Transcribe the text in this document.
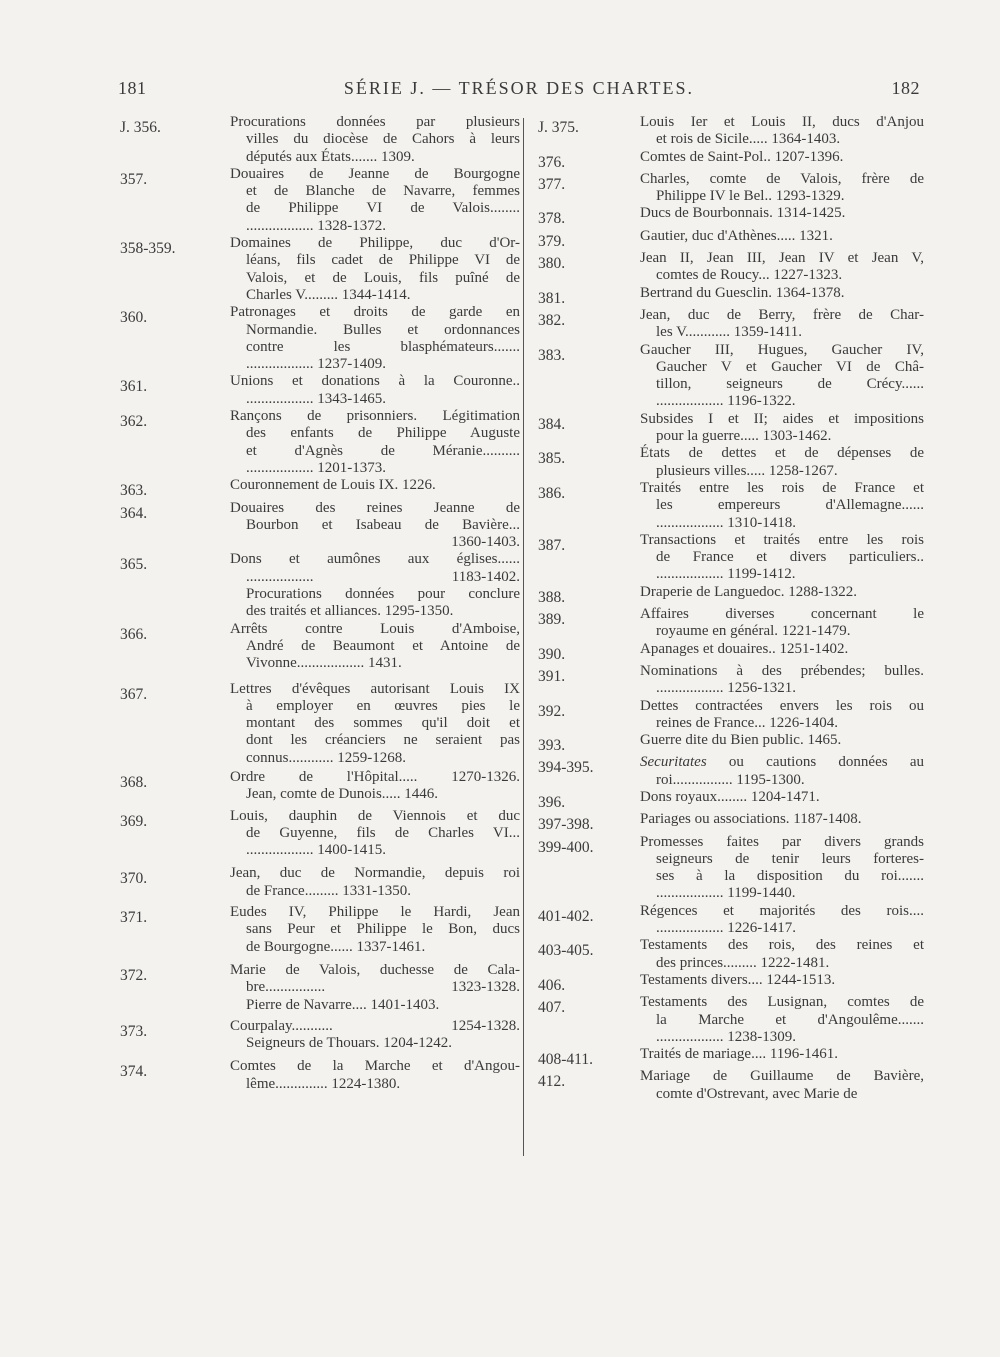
181	SÉRIE J. — TRÉSOR DES CHARTES.	182
J. 356.	Procurations données par plusieurs
villes du diocèse de Cahors à leurs
députés aux États....... 1309.
357.	Douaires de Jeanne de Bourgogne
et de Blanche de Navarre, femmes
de Philippe VI de Valois........
.................. 1328-1372.
358-359.	Domaines de Philippe, duc d'Or-
léans, fils cadet de Philippe VI de
Valois, et de Louis, fils puîné de
Charles V......... 1344-1414.
360.	Patronages et droits de garde en
Normandie. Bulles et ordonnances
contre les blasphémateurs.......
.................. 1237-1409.
361.	Unions et donations à la Couronne..
.................. 1343-1465.
362.	Rançons de prisonniers. Légitimation
des enfants de Philippe Auguste
et d'Agnès de Méranie..........
.................. 1201-1373.
363.	Couronnement de Louis IX. 1226.
364.	Douaires des reines Jeanne de
Bourbon et Isabeau de Bavière...
1360-1403.
365.	Dons et aumônes aux églises......
.................. 1183-1402.
Procurations données pour conclure
des traités et alliances. 1295-1350.
366.	Arrêts contre Louis d'Amboise,
André de Beaumont et Antoine de
Vivonne.................. 1431.
367.	Lettres d'évêques autorisant Louis IX
à employer en œuvres pies le
montant des sommes qu'il doit et
dont les créanciers ne seraient pas
connus............ 1259-1268.
368.	Ordre de l'Hôpital..... 1270-1326.
Jean, comte de Dunois..... 1446.
369.	Louis, dauphin de Viennois et duc
de Guyenne, fils de Charles VI...
.................. 1400-1415.
370.	Jean, duc de Normandie, depuis roi
de France......... 1331-1350.
371.	Eudes IV, Philippe le Hardi, Jean
sans Peur et Philippe le Bon, ducs
de Bourgogne...... 1337-1461.
372.	Marie de Valois, duchesse de Cala-
bre................ 1323-1328.
Pierre de Navarre.... 1401-1403.
373.	Courpalay........... 1254-1328.
Seigneurs de Thouars. 1204-1242.
374.	Comtes de la Marche et d'Angou-
lême.............. 1224-1380.
J. 375.	Louis Ier et Louis II, ducs d'Anjou
et rois de Sicile..... 1364-1403.
376.	Comtes de Saint-Pol.. 1207-1396.
377.	Charles, comte de Valois, frère de
Philippe IV le Bel.. 1293-1329.
378.	Ducs de Bourbonnais. 1314-1425.
379.	Gautier, duc d'Athènes..... 1321.
380.	Jean II, Jean III, Jean IV et Jean V,
comtes de Roucy... 1227-1323.
381.	Bertrand du Guesclin. 1364-1378.
382.	Jean, duc de Berry, frère de Char-
les V............ 1359-1411.
383.	Gaucher III, Hugues, Gaucher IV,
Gaucher V et Gaucher VI de Châ-
tillon, seigneurs de Crécy......
.................. 1196-1322.
384.	Subsides I et II; aides et impositions
pour la guerre..... 1303-1462.
385.	États de dettes et de dépenses de
plusieurs villes..... 1258-1267.
386.	Traités entre les rois de France et
les empereurs d'Allemagne......
.................. 1310-1418.
387.	Transactions et traités entre les rois
de France et divers particuliers..
.................. 1199-1412.
388.	Draperie de Languedoc. 1288-1322.
389.	Affaires diverses concernant le
royaume en général. 1221-1479.
390.	Apanages et douaires.. 1251-1402.
391.	Nominations à des prébendes; bulles.
.................. 1256-1321.
392.	Dettes contractées envers les rois ou
reines de France... 1226-1404.
393.	Guerre dite du Bien public. 1465.
394-395.	Securitates ou cautions données au
roi................ 1195-1300.
396.	Dons royaux........ 1204-1471.
397-398.	Pariages ou associations. 1187-1408.
399-400.	Promesses faites par divers grands
seigneurs de tenir leurs forteres-
ses à la disposition du roi.......
.................. 1199-1440.
401-402.	Régences et majorités des rois....
.................. 1226-1417.
403-405.	Testaments des rois, des reines et
des princes......... 1222-1481.
406.	Testaments divers.... 1244-1513.
407.	Testaments des Lusignan, comtes de
la Marche et d'Angoulême.......
.................. 1238-1309.
408-411.	Traités de mariage.... 1196-1461.
412.	Mariage de Guillaume de Bavière,
comte d'Ostrevant, avec Marie de
